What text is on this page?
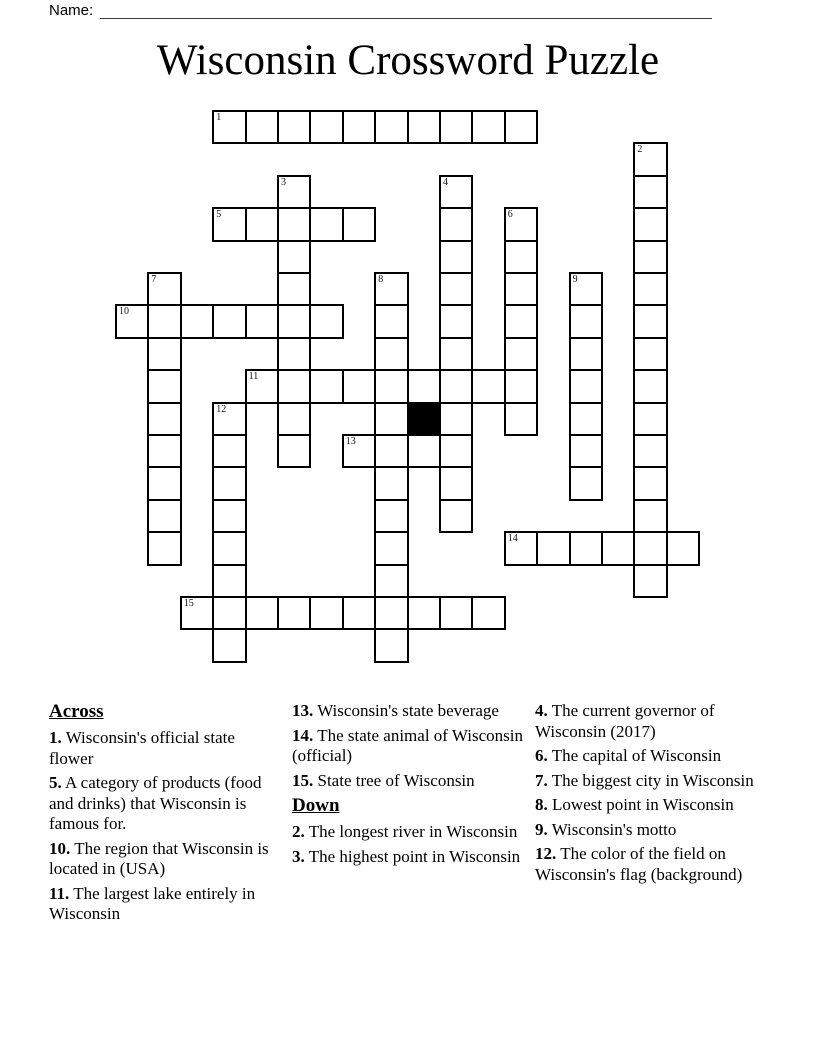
Name:
Wisconsin Crossword Puzzle
1
2
3	4
5	6
7	8	9
10
11
12
13
14
15
Across

1. Wisconsin's official state flower

5. A category of products (food and drinks) that Wisconsin is famous for.

10. The region that Wisconsin is located in (USA)

11. The largest lake entirely in Wisconsin

13. Wisconsin's state beverage

14. The state animal of Wisconsin (official)

15. State tree of Wisconsin

Down

2. The longest river in Wisconsin

3. The highest point in Wisconsin

4. The current governor of Wisconsin (2017)

6. The capital of Wisconsin

7. The biggest city in Wisconsin

8. Lowest point in Wisconsin

9. Wisconsin's motto

12. The color of the field on Wisconsin's flag (background)
